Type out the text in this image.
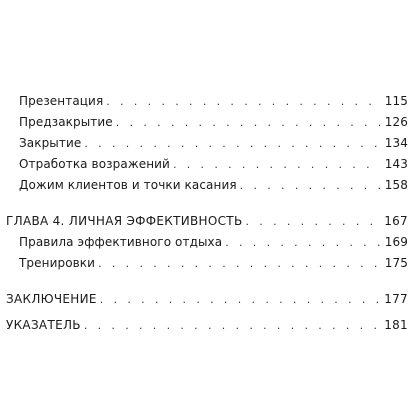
Презентация . . .	115
Предзакрытие . . .	126
Закрытие . . .	134
Отработка возражений . . .	143
Дожим клиентов и точки касания . . .	158
ГЛАВА 4. ЛИЧНАЯ ЭФФЕКТИВНОСТЬ . . .	167
Правила эффективного отдыха . . .	169
Тренировки . . .	175
ЗАКЛЮЧЕНИЕ . . .	177
УКАЗАТЕЛЬ . . .	181
